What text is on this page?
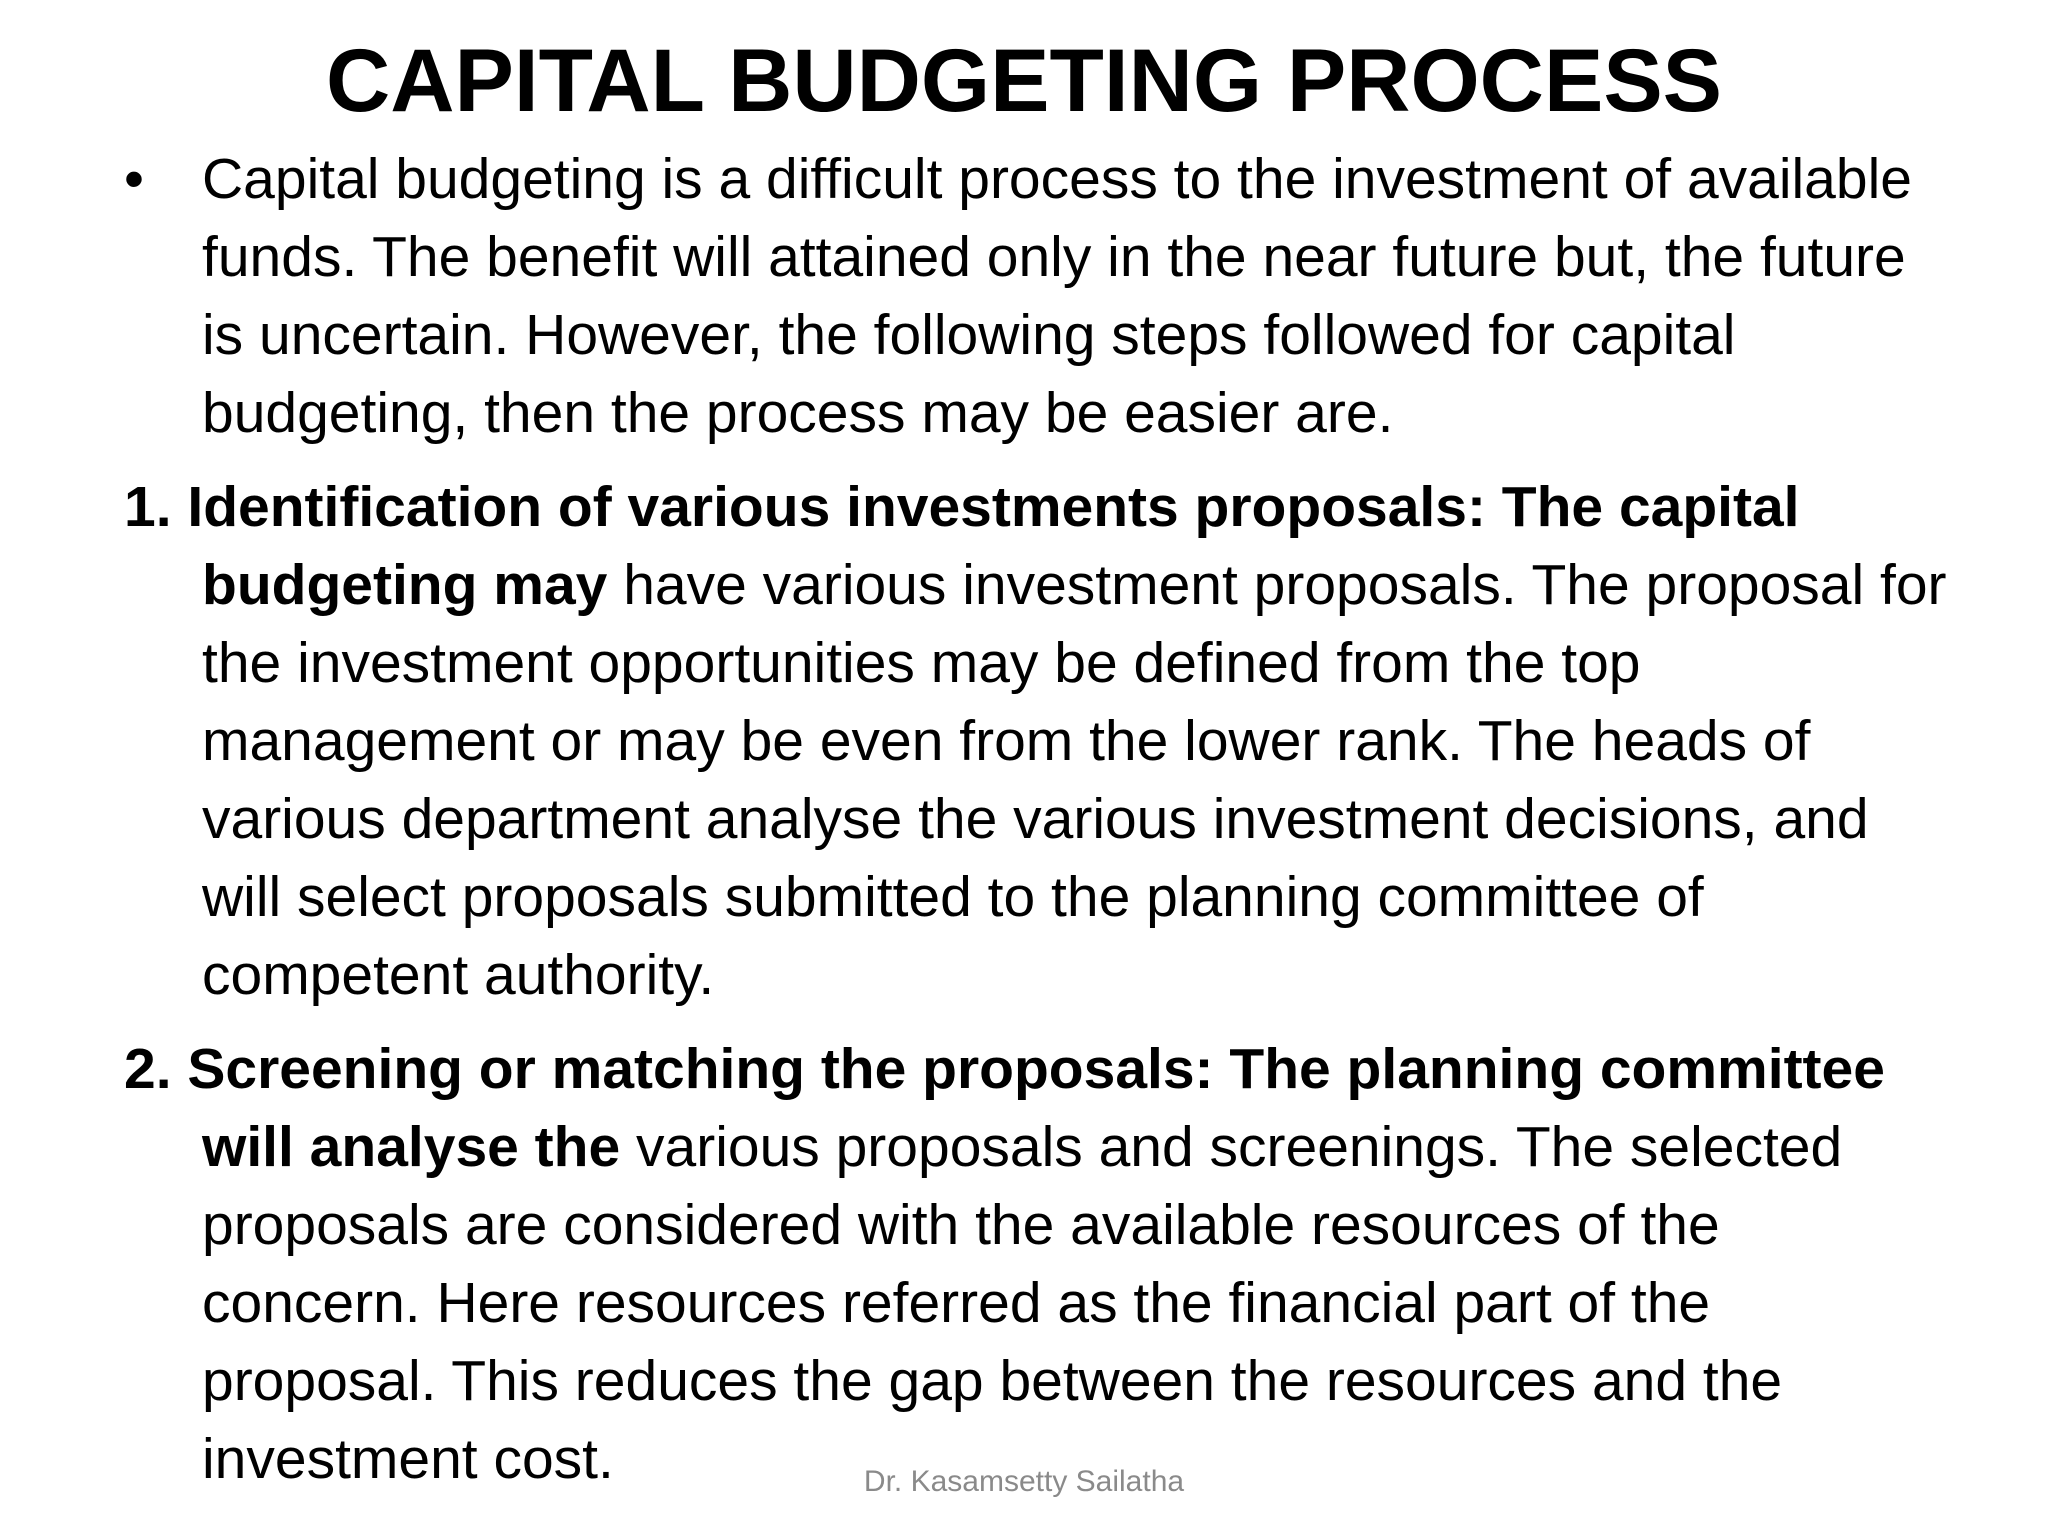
CAPITAL BUDGETING PROCESS

•	Capital budgeting is a difficult process to the investment of available funds. The benefit will attained only in the near future but, the future is uncertain. However, the following steps followed for capital budgeting, then the process may be easier are.

1. Identification of various investments proposals: The capital budgeting may have various investment proposals. The proposal for the investment opportunities may be defined from the top management or may be even from the lower rank. The heads of various department analyse the various investment decisions, and will select proposals submitted to the planning committee of competent authority.

2. Screening or matching the proposals: The planning committee will analyse the various proposals and screenings. The selected proposals are considered with the available resources of the concern. Here resources referred as the financial part of the proposal. This reduces the gap between the resources and the investment cost.	Dr. Kasamsetty Sailatha
